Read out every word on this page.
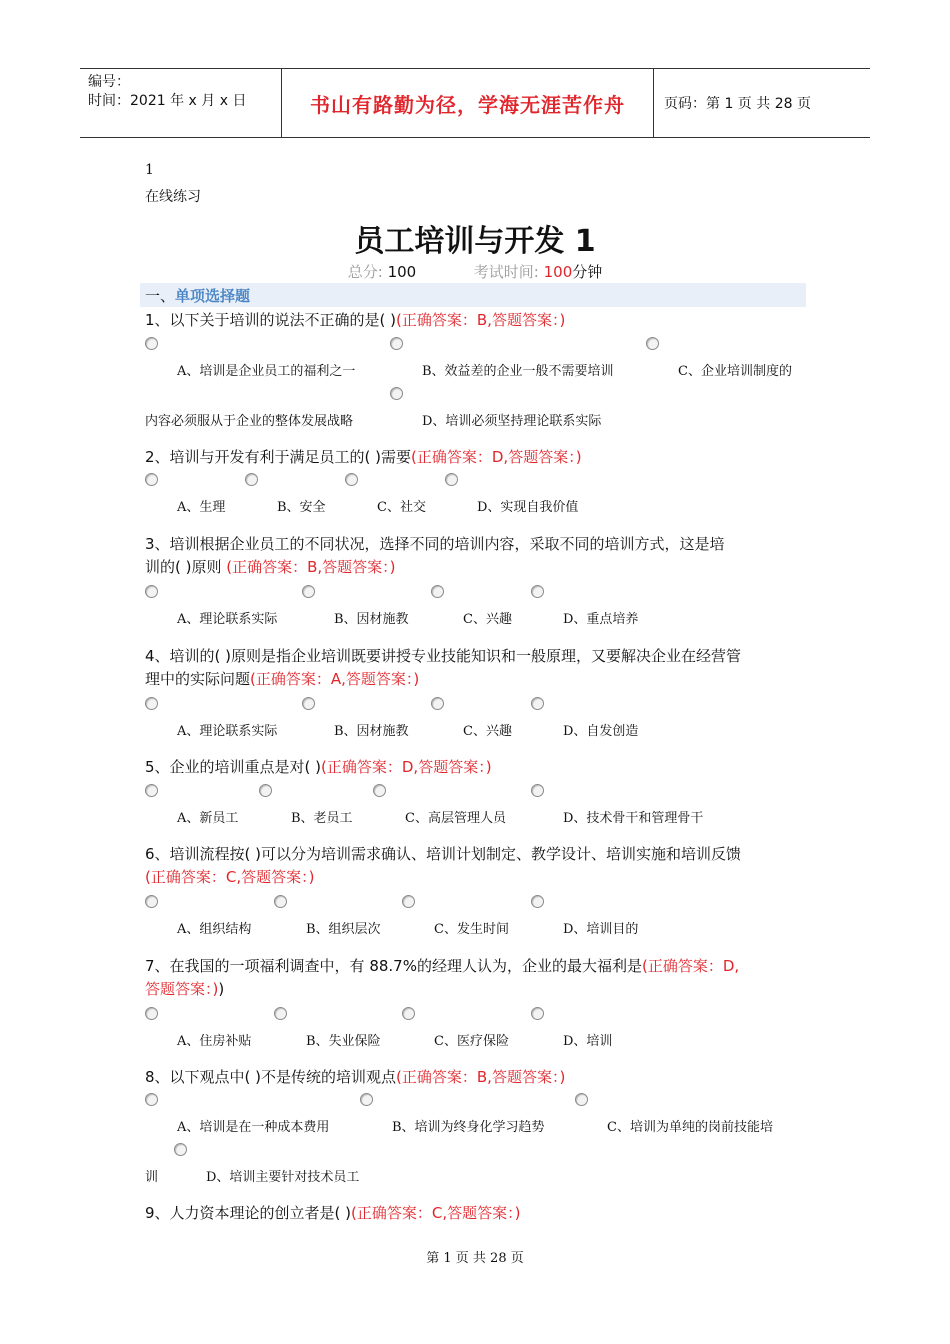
编号：
时间：2021 年 x 月 x 日	书山有路勤为径，学海无涯苦作舟	页码：第 1 页 共 28 页
1
在线练习
员工培训与开发 1
总分: 100	考试时间: 100分钟
一、单项选择题
1、以下关于培训的说法不正确的是( )(正确答案：B,答题答案：)
A、培训是企业员工的福利之一	B、效益差的企业一般不需要培训	C、企业培训制度的
内容必须服从于企业的整体发展战略	D、培训必须坚持理论联系实际
2、培训与开发有利于满足员工的( )需要(正确答案：D,答题答案：)
A、生理	B、安全	C、社交	D、实现自我价值
3、培训根据企业员工的不同状况，选择不同的培训内容，采取不同的培训方式，这是培
训的( )原则 (正确答案：B,答题答案：)
A、理论联系实际	B、因材施教	C、兴趣	D、重点培养
4、培训的( )原则是指企业培训既要讲授专业技能知识和一般原理，又要解决企业在经营管
理中的实际问题(正确答案：A,答题答案：)
A、理论联系实际	B、因材施教	C、兴趣	D、自发创造
5、企业的培训重点是对( )(正确答案：D,答题答案：)
A、新员工	B、老员工	C、高层管理人员	D、技术骨干和管理骨干
6、培训流程按( )可以分为培训需求确认、培训计划制定、教学设计、培训实施和培训反馈
(正确答案：C,答题答案：)
A、组织结构	B、组织层次	C、发生时间	D、培训目的
7、在我国的一项福利调查中，有 88.7%的经理人认为，企业的最大福利是(正确答案：D,
答题答案：))
A、住房补贴	B、失业保险	C、医疗保险	D、培训
8、以下观点中( )不是传统的培训观点(正确答案：B,答题答案：)
A、培训是在一种成本费用	B、培训为终身化学习趋势	C、培训为单纯的岗前技能培
训	D、培训主要针对技术员工
9、人力资本理论的创立者是( )(正确答案：C,答题答案：)
第 1 页 共 28 页
